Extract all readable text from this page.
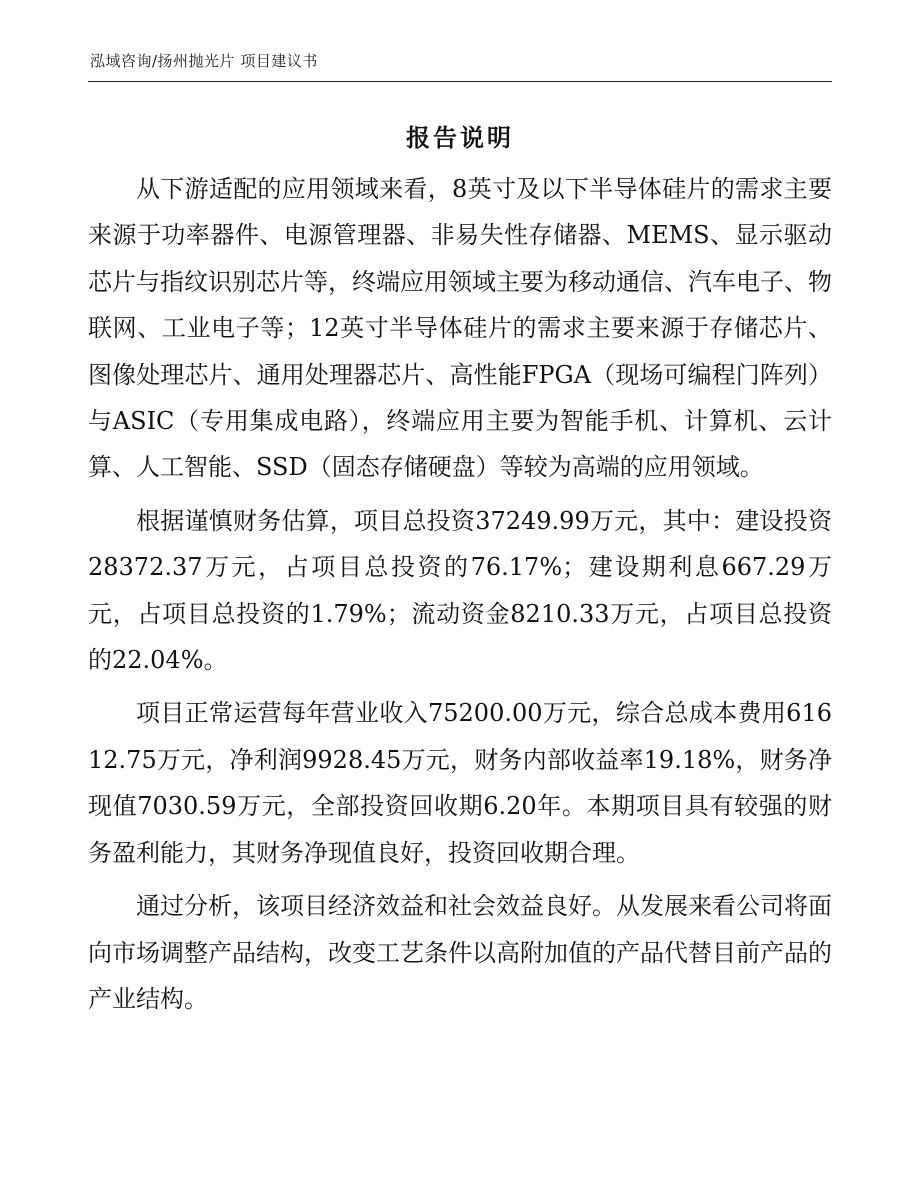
泓域咨询/扬州抛光片 项目建议书
报告说明

从下游适配的应用领域来看，8英寸及以下半导体硅片的需求主要来源于功率器件、电源管理器、非易失性存储器、MEMS、显示驱动芯片与指纹识别芯片等，终端应用领域主要为移动通信、汽车电子、物联网、工业电子等；12英寸半导体硅片的需求主要来源于存储芯片、图像处理芯片、通用处理器芯片、高性能FPGA（现场可编程门阵列）与ASIC（专用集成电路），终端应用主要为智能手机、计算机、云计算、人工智能、SSD（固态存储硬盘）等较为高端的应用领域。

根据谨慎财务估算，项目总投资37249.99万元，其中：建设投资28372.37万元，占项目总投资的76.17%；建设期利息667.29万元，占项目总投资的1.79%；流动资金8210.33万元，占项目总投资的22.04%。

项目正常运营每年营业收入75200.00万元，综合总成本费用61612.75万元，净利润9928.45万元，财务内部收益率19.18%，财务净现值7030.59万元，全部投资回收期6.20年。本期项目具有较强的财务盈利能力，其财务净现值良好，投资回收期合理。

通过分析，该项目经济效益和社会效益良好。从发展来看公司将面向市场调整产品结构，改变工艺条件以高附加值的产品代替目前产品的产业结构。
